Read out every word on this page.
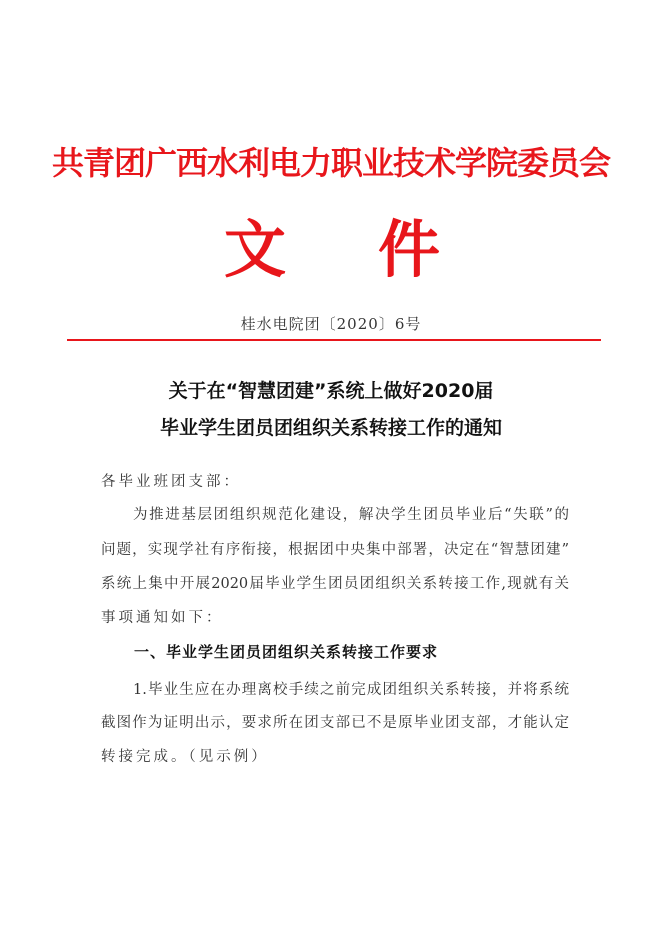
共青团广西水利电力职业技术学院委员会
文 件
桂水电院团〔2020〕6号
关于在“智慧团建”系统上做好2020届
毕业学生团员团组织关系转接工作的通知
各毕业班团支部：
为推进基层团组织规范化建设，解决学生团员毕业后“失联”的
问题，实现学社有序衔接，根据团中央集中部署，决定在“智慧团建”
系统上集中开展2020届毕业学生团员团组织关系转接工作,现就有关
事项通知如下：
一、毕业学生团员团组织关系转接工作要求
1.毕业生应在办理离校手续之前完成团组织关系转接，并将系统
截图作为证明出示，要求所在团支部已不是原毕业团支部，才能认定
转接完成。（见示例）
